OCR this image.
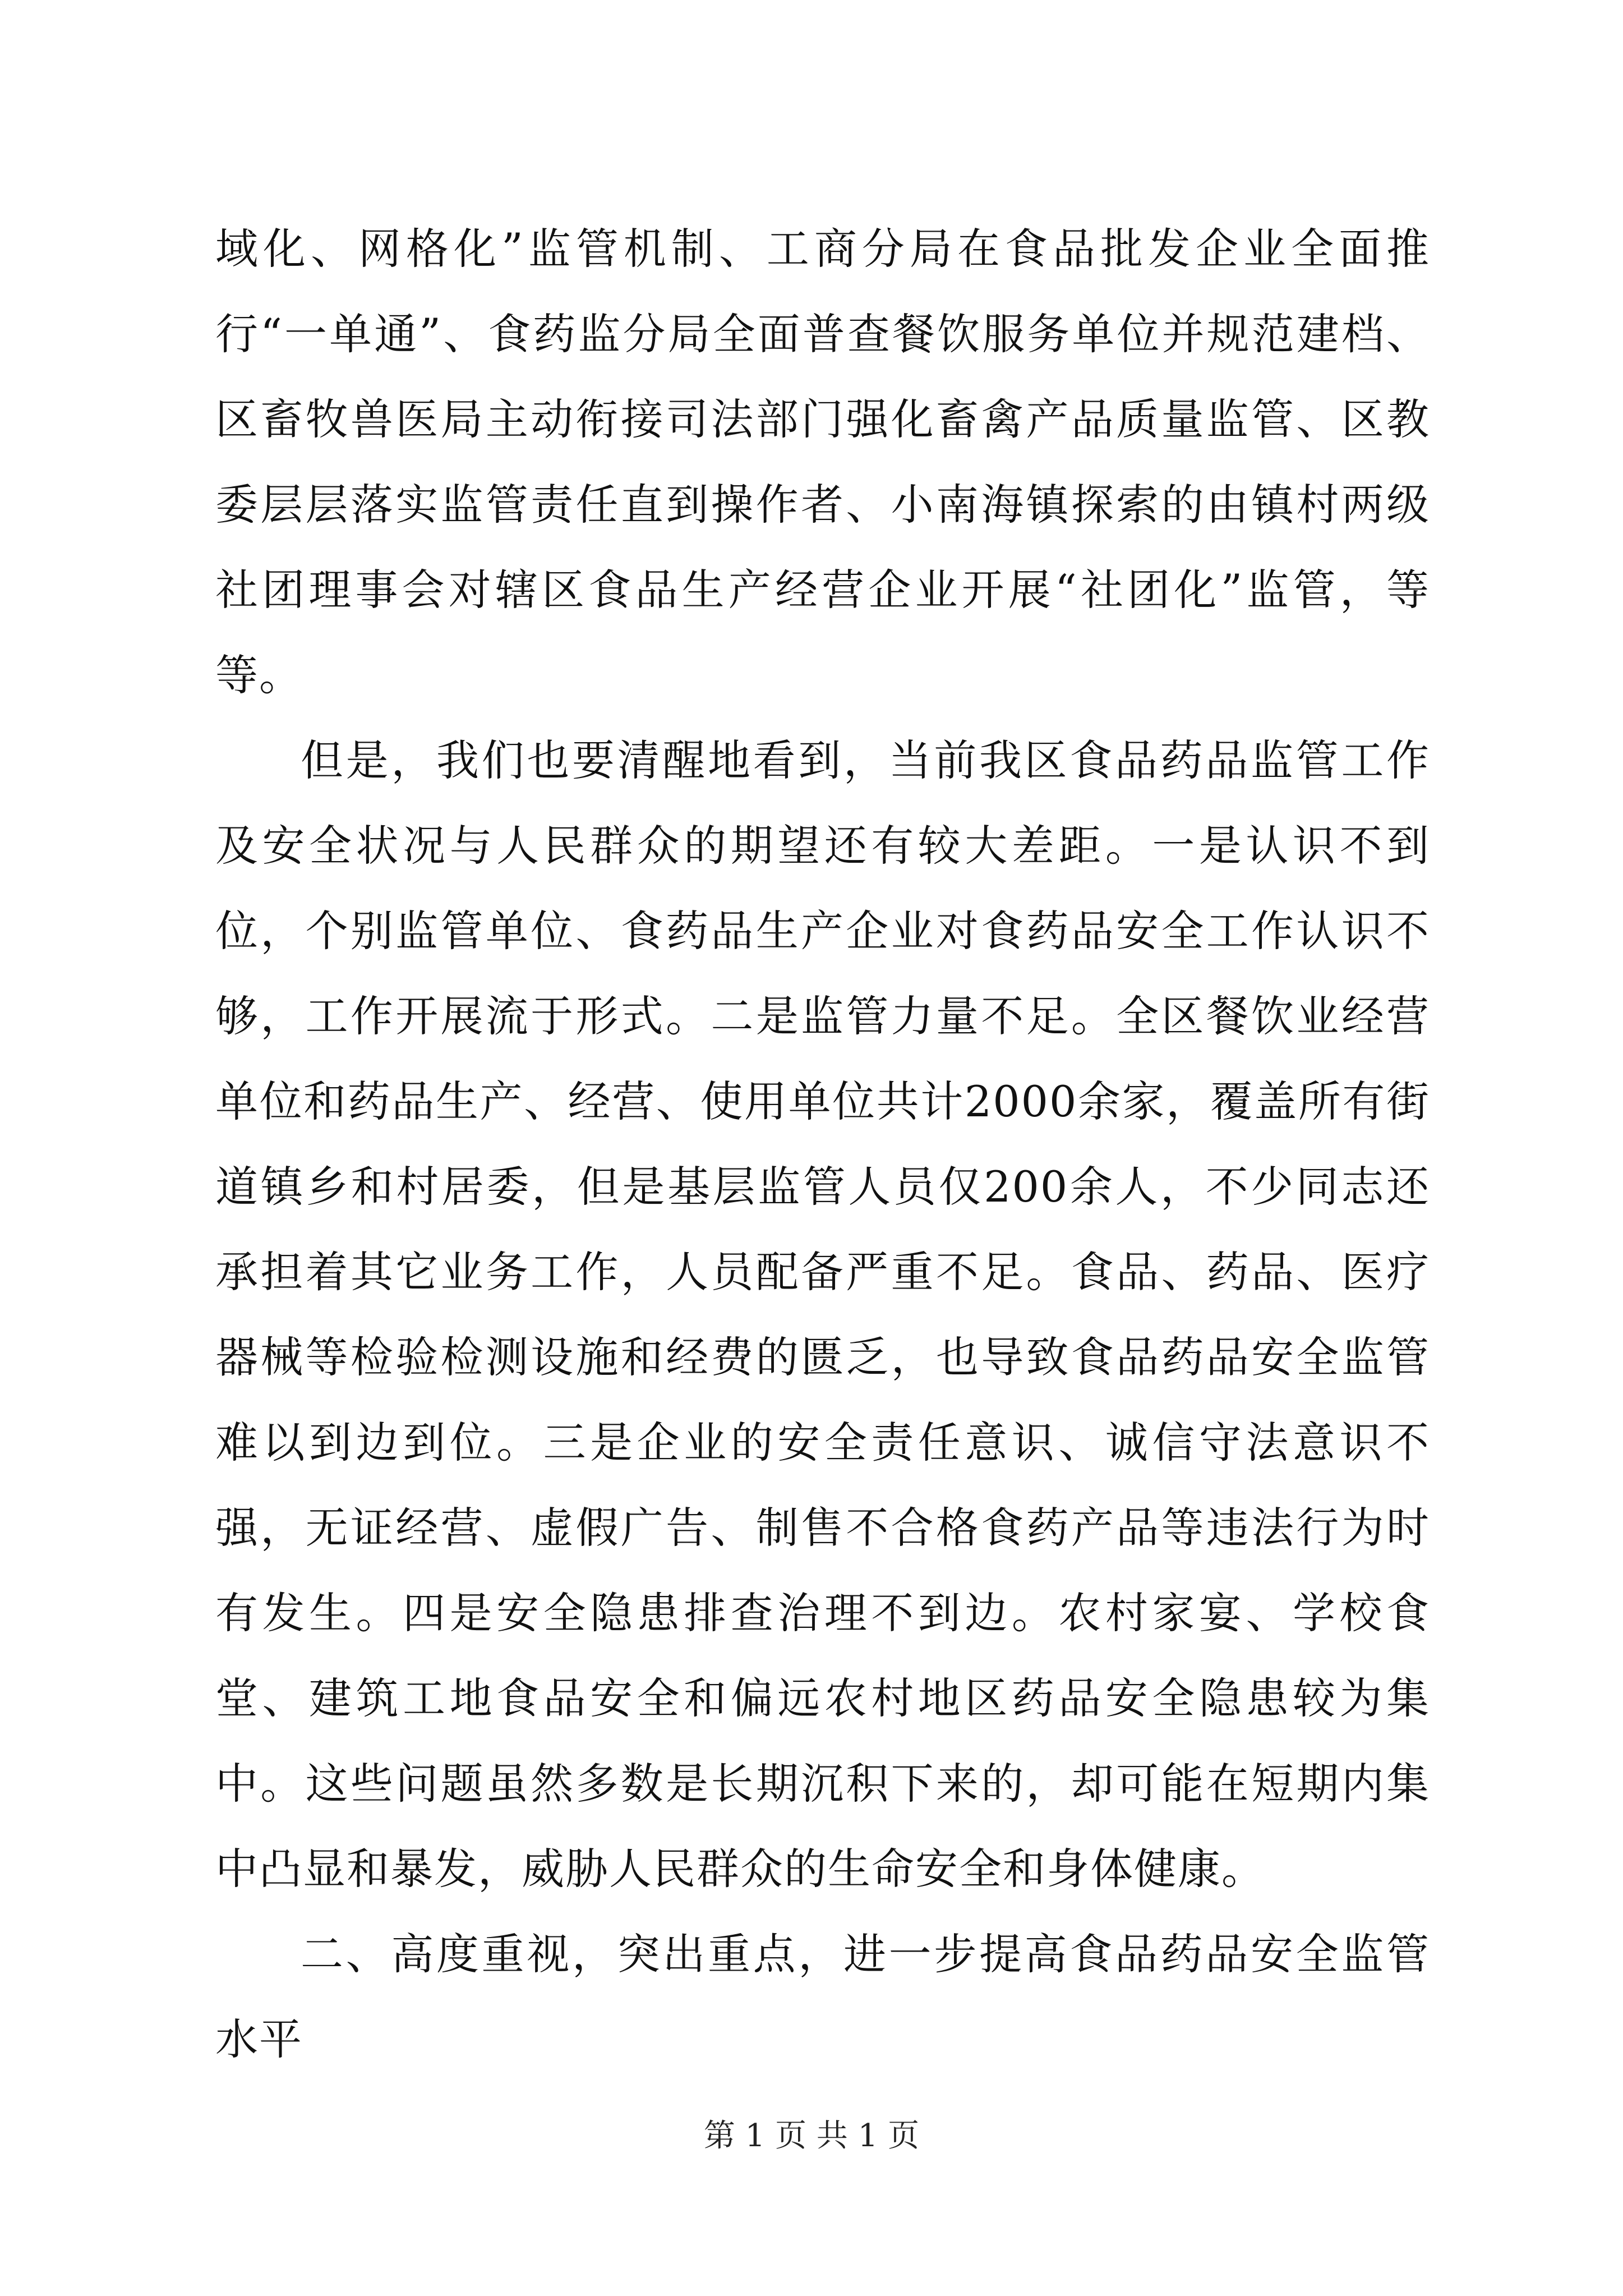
域化、网格化”监管机制、工商分局在食品批发企业全面推行“一单通”、食药监分局全面普查餐饮服务单位并规范建档、区畜牧兽医局主动衔接司法部门强化畜禽产品质量监管、区教委层层落实监管责任直到操作者、小南海镇探索的由镇村两级社团理事会对辖区食品生产经营企业开展“社团化”监管，等等。

但是，我们也要清醒地看到，当前我区食品药品监管工作及安全状况与人民群众的期望还有较大差距。一是认识不到位，个别监管单位、食药品生产企业对食药品安全工作认识不够，工作开展流于形式。二是监管力量不足。全区餐饮业经营单位和药品生产、经营、使用单位共计2000余家，覆盖所有街道镇乡和村居委，但是基层监管人员仅200余人，不少同志还承担着其它业务工作，人员配备严重不足。食品、药品、医疗器械等检验检测设施和经费的匮乏，也导致食品药品安全监管难以到边到位。三是企业的安全责任意识、诚信守法意识不强，无证经营、虚假广告、制售不合格食药产品等违法行为时有发生。四是安全隐患排查治理不到边。农村家宴、学校食堂、建筑工地食品安全和偏远农村地区药品安全隐患较为集中。这些问题虽然多数是长期沉积下来的，却可能在短期内集中凸显和暴发，威胁人民群众的生命安全和身体健康。

二、高度重视，突出重点，进一步提高食品药品安全监管水平

第 1 页 共 1 页
